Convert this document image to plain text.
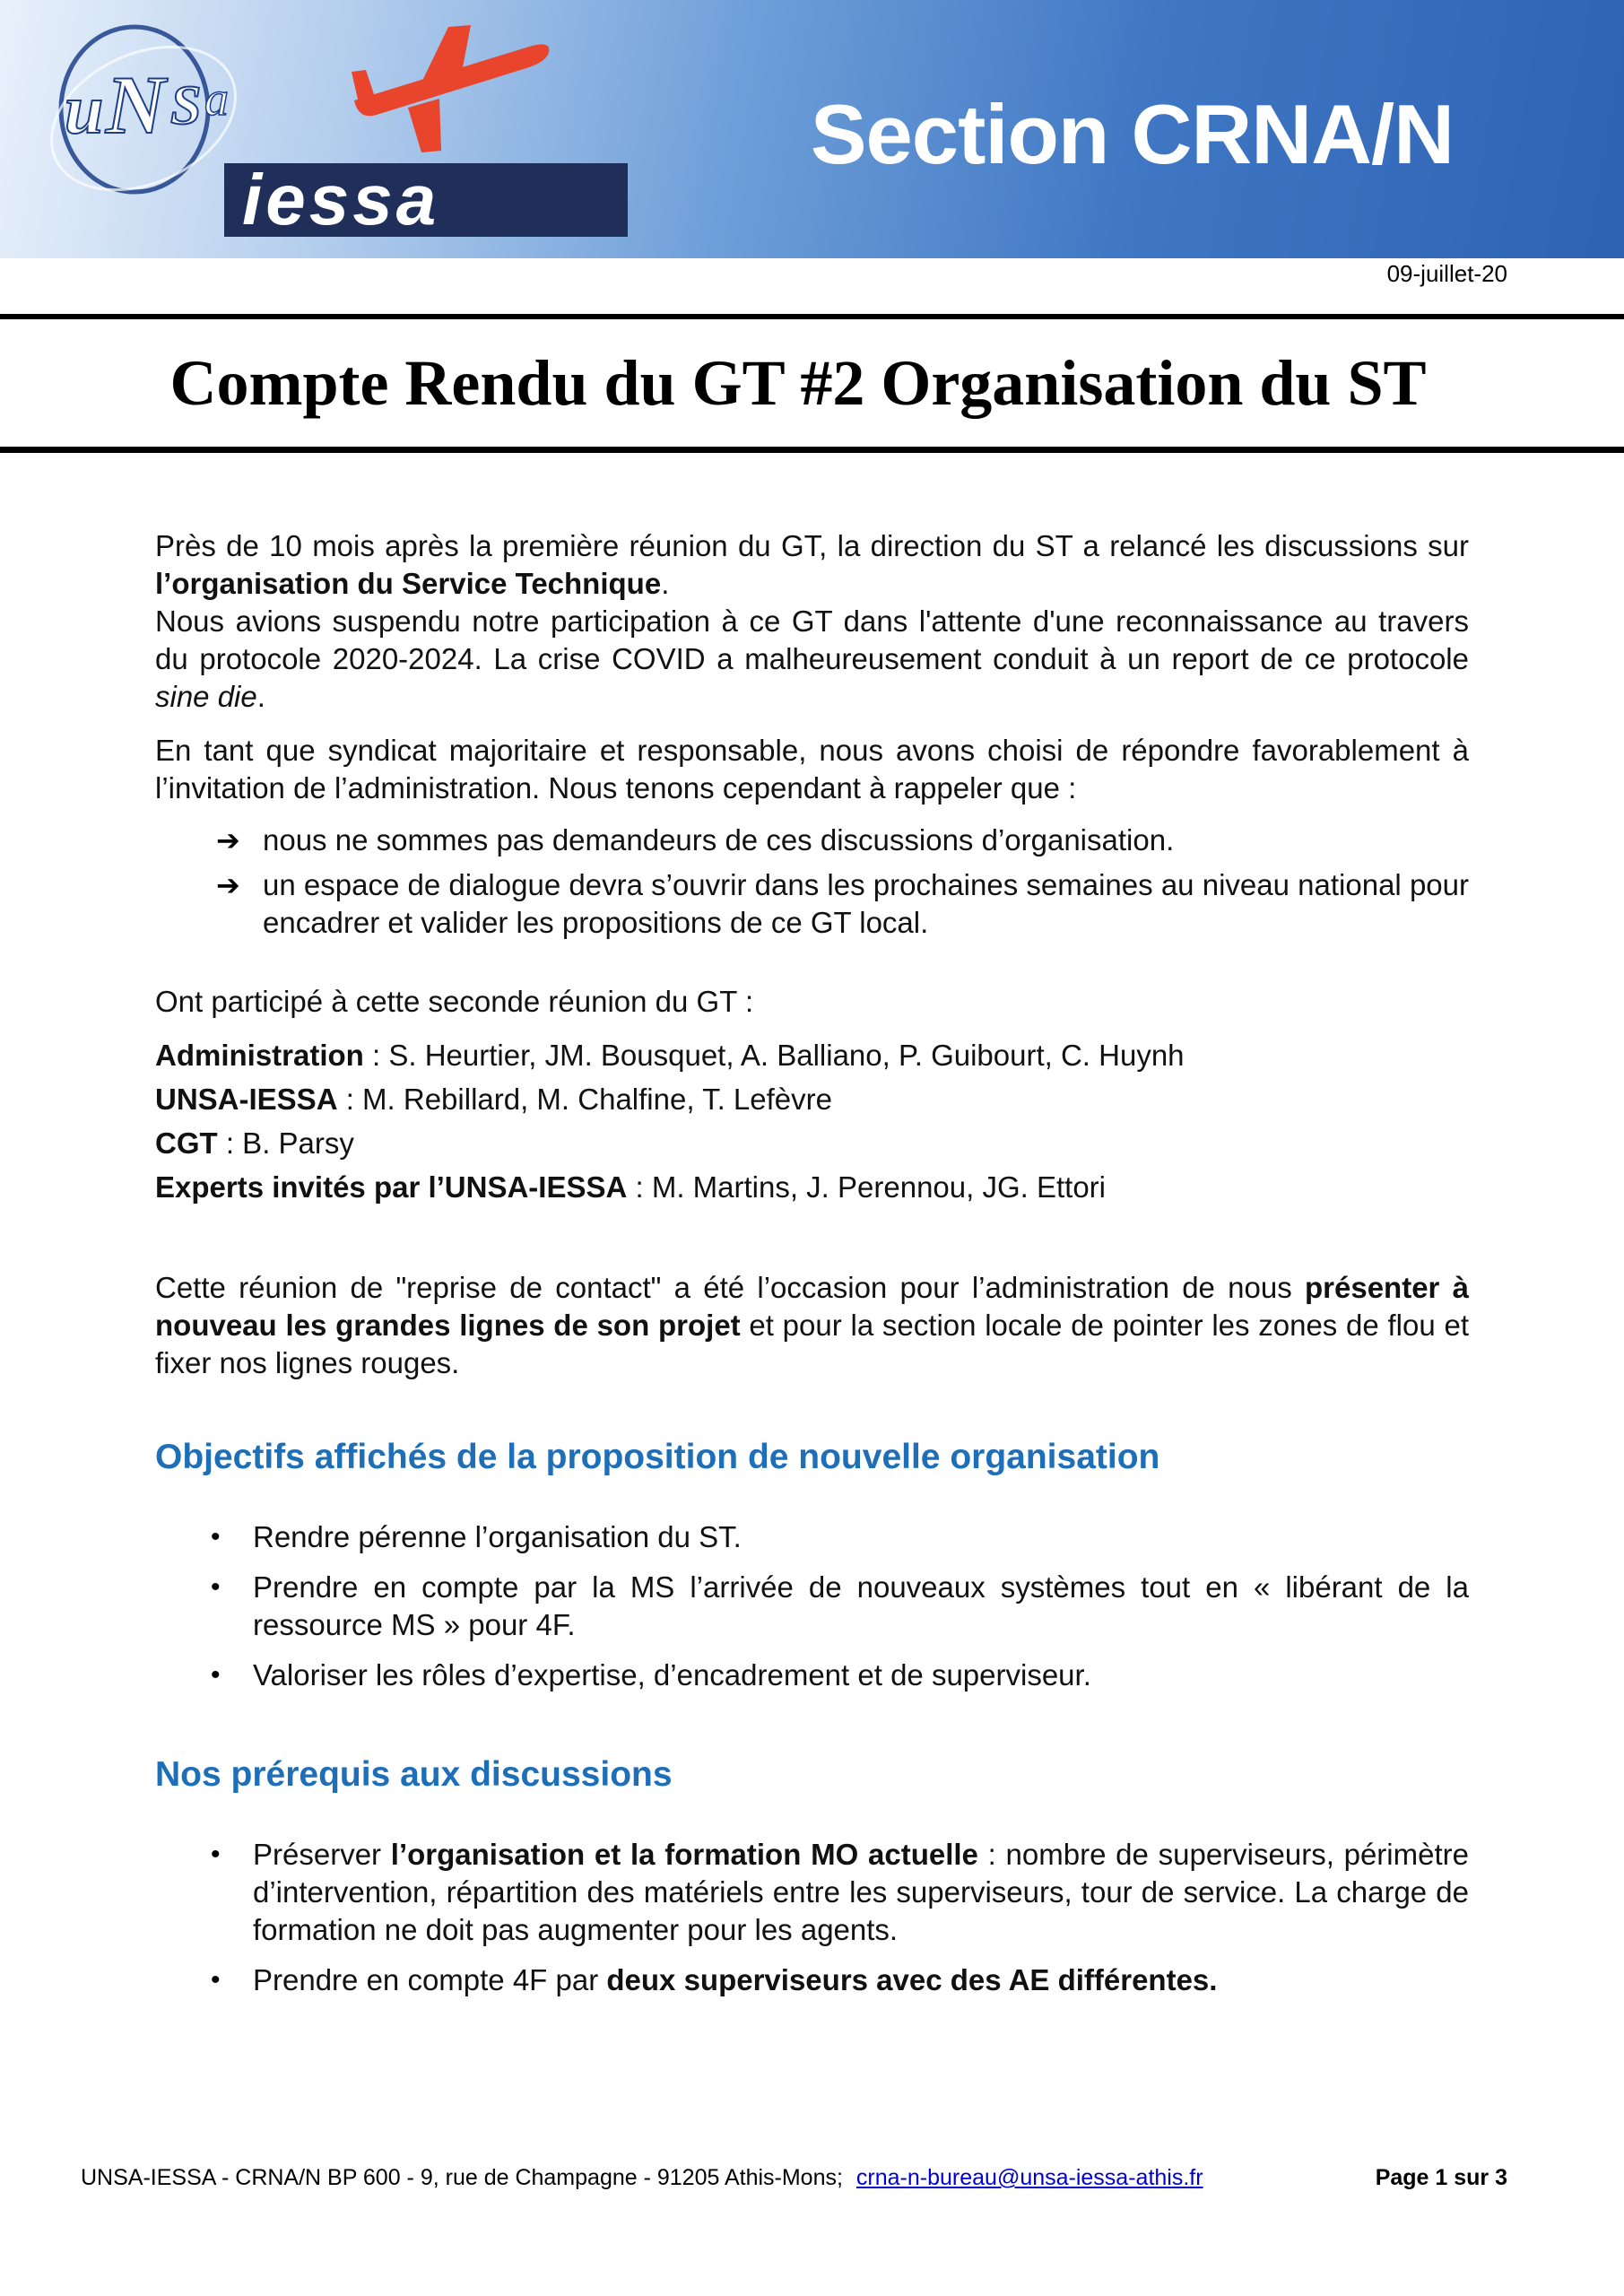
u N S a
iessa
Section CRNA/N
09-juillet-20
Compte Rendu du GT #2 Organisation du ST

Près de 10 mois après la première réunion du GT, la direction du ST a relancé les discussions sur l’organisation du Service Technique.

Nous avions suspendu notre participation à ce GT dans l'attente d'une reconnaissance au travers du protocole 2020-2024. La crise COVID a malheureusement conduit à un report de ce protocole sine die.

En tant que syndicat majoritaire et responsable, nous avons choisi de répondre favorablement à l’invitation de l’administration. Nous tenons cependant à rappeler que :

➔ nous ne sommes pas demandeurs de ces discussions d’organisation.
➔ un espace de dialogue devra s’ouvrir dans les prochaines semaines au niveau national pour encadrer et valider les propositions de ce GT local.

Ont participé à cette seconde réunion du GT :

Administration : S. Heurtier, JM. Bousquet, A. Balliano, P. Guibourt, C. Huynh

UNSA-IESSA : M. Rebillard, M. Chalfine, T. Lefèvre

CGT : B. Parsy

Experts invités par l’UNSA-IESSA : M. Martins, J. Perennou, JG. Ettori

Cette réunion de "reprise de contact" a été l’occasion pour l’administration de nous présenter à nouveau les grandes lignes de son projet et pour la section locale de pointer les zones de flou et fixer nos lignes rouges.

Objectifs affichés de la proposition de nouvelle organisation
• Rendre pérenne l’organisation du ST.
• Prendre en compte par la MS l’arrivée de nouveaux systèmes tout en « libérant de la ressource MS » pour 4F.
• Valoriser les rôles d’expertise, d’encadrement et de superviseur.
Nos prérequis aux discussions
• Préserver l’organisation et la formation MO actuelle : nombre de superviseurs, périmètre d’intervention, répartition des matériels entre les superviseurs, tour de service. La charge de formation ne doit pas augmenter pour les agents.
• Prendre en compte 4F par deux superviseurs avec des AE différentes.
UNSA-IESSA - CRNA/N BP 600 - 9, rue de Champagne - 91205 Athis-Mons; crna-n-bureau@unsa-iessa-athis.fr	Page 1 sur 3
